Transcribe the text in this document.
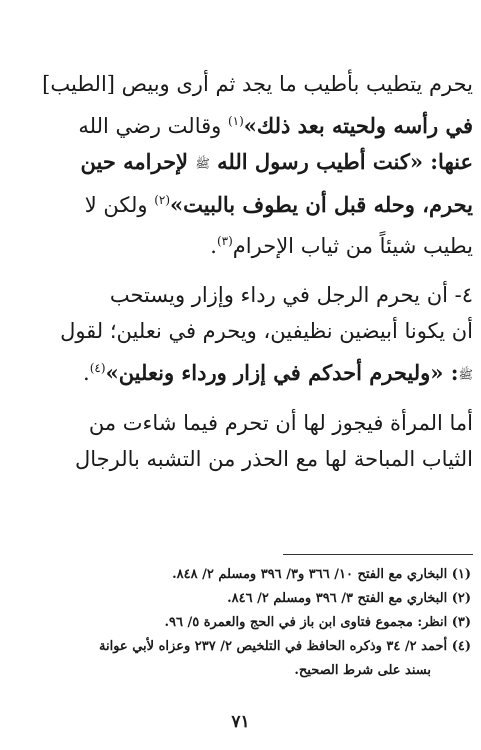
يحرم يتطيب بأطيب ما يجد ثم أرى وبيص [الطيب]
في رأسه ولحيته بعد ذلك»$^{(١)}$ وقالت رضي الله
عنها: «كنت أطيب رسول الله ﷺ لإحرامه حين
يحرم، وحله قبل أن يطوف بالبيت»$^{(٢)}$ ولكن لا
يطيب شيئاً من ثياب الإحرام$^{(٣)}$.
٤- أن يحرم الرجل في رداء وإزار ويستحب
أن يكونا أبيضين نظيفين، ويحرم في نعلين؛ لقول
ﷺ: «وليحرم أحدكم في إزار ورداء ونعلين»$^{(٤)}$.
أما المرأة فيجوز لها أن تحرم فيما شاءت من
الثياب المباحة لها مع الحذر من التشبه بالرجال
(١) البخاري مع الفتح ١٠/ ٣٦٦ و٣/ ٣٩٦ ومسلم ٢/ ٨٤٨.
(٢) البخاري مع الفتح ٣/ ٣٩٦ ومسلم ٢/ ٨٤٦.
(٣) انظر: مجموع فتاوى ابن باز في الحج والعمرة ٥/ ٩٦.
(٤) أحمد ٢/ ٣٤ وذكره الحافظ في التلخيص ٢/ ٢٣٧ وعزاه لأبي عوانة
بسند على شرط الصحيح.
٧١
